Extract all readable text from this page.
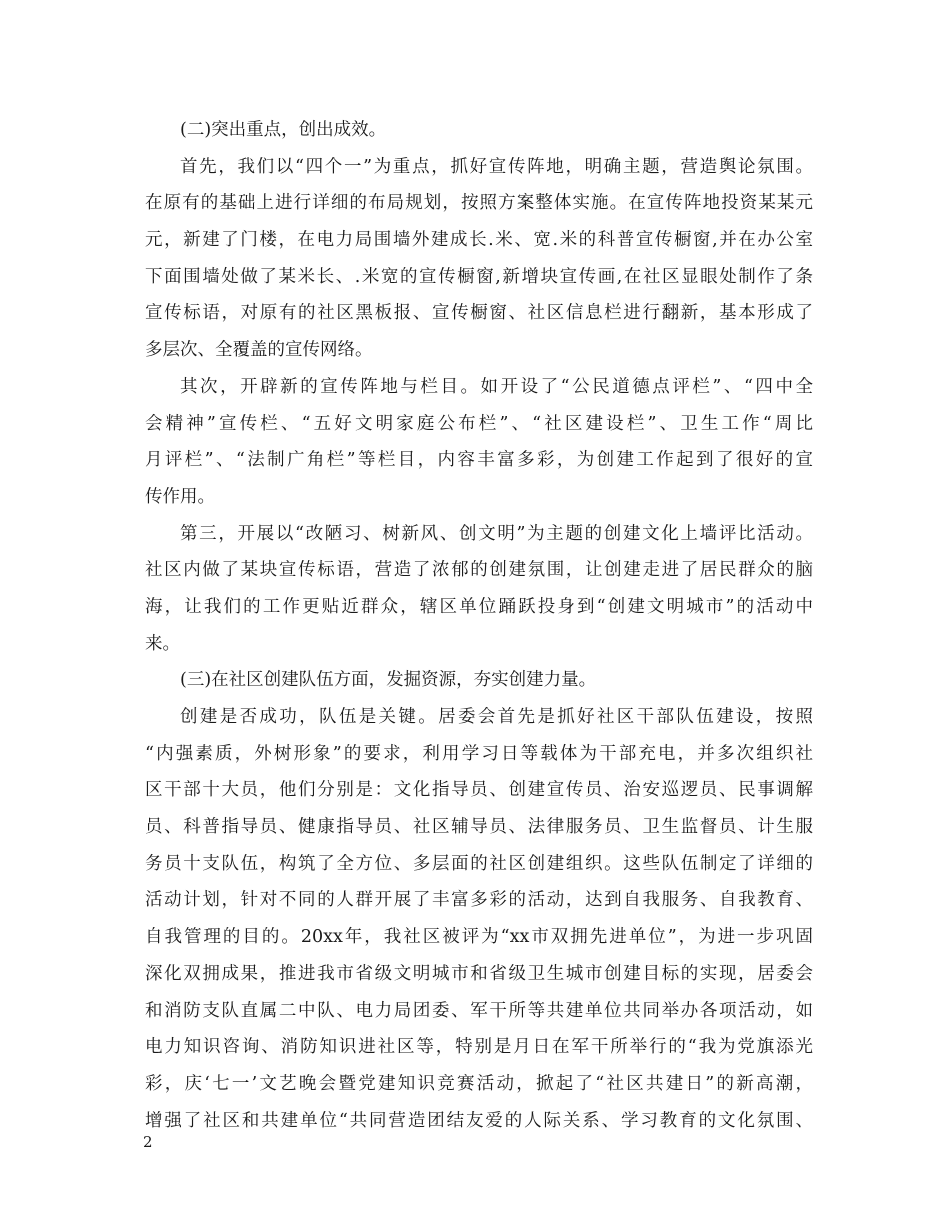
(二)突出重点，创出成效。
首先，我们以“四个一”为重点，抓好宣传阵地，明确主题，营造舆论氛围。
在原有的基础上进行详细的布局规划，按照方案整体实施。在宣传阵地投资某某元
元，新建了门楼，在电力局围墙外建成长.米、宽.米的科普宣传橱窗,并在办公室
下面围墙处做了某米长、.米宽的宣传橱窗,新增块宣传画,在社区显眼处制作了条
宣传标语，对原有的社区黑板报、宣传橱窗、社区信息栏进行翻新，基本形成了
多层次、全覆盖的宣传网络。
其次，开辟新的宣传阵地与栏目。如开设了“公民道德点评栏”、“四中全
会精神”宣传栏、“五好文明家庭公布栏”、“社区建设栏”、卫生工作“周比
月评栏”、“法制广角栏”等栏目，内容丰富多彩，为创建工作起到了很好的宣
传作用。
第三，开展以“改陋习、树新风、创文明”为主题的创建文化上墙评比活动。
社区内做了某块宣传标语，营造了浓郁的创建氛围，让创建走进了居民群众的脑
海，让我们的工作更贴近群众，辖区单位踊跃投身到“创建文明城市”的活动中
来。
(三)在社区创建队伍方面，发掘资源，夯实创建力量。
创建是否成功，队伍是关键。居委会首先是抓好社区干部队伍建设，按照
“内强素质，外树形象”的要求，利用学习日等载体为干部充电，并多次组织社
区干部十大员，他们分别是：文化指导员、创建宣传员、治安巡逻员、民事调解
员、科普指导员、健康指导员、社区辅导员、法律服务员、卫生监督员、计生服
务员十支队伍，构筑了全方位、多层面的社区创建组织。这些队伍制定了详细的
活动计划，针对不同的人群开展了丰富多彩的活动，达到自我服务、自我教育、
自我管理的目的。20xx年，我社区被评为“xx市双拥先进单位”，为进一步巩固
深化双拥成果，推进我市省级文明城市和省级卫生城市创建目标的实现，居委会
和消防支队直属二中队、电力局团委、军干所等共建单位共同举办各项活动，如
电力知识咨询、消防知识进社区等，特别是月日在军干所举行的“我为党旗添光
彩，庆‘七一’文艺晚会暨党建知识竞赛活动，掀起了“社区共建日”的新高潮，
增强了社区和共建单位“共同营造团结友爱的人际关系、学习教育的文化氛围、
2
